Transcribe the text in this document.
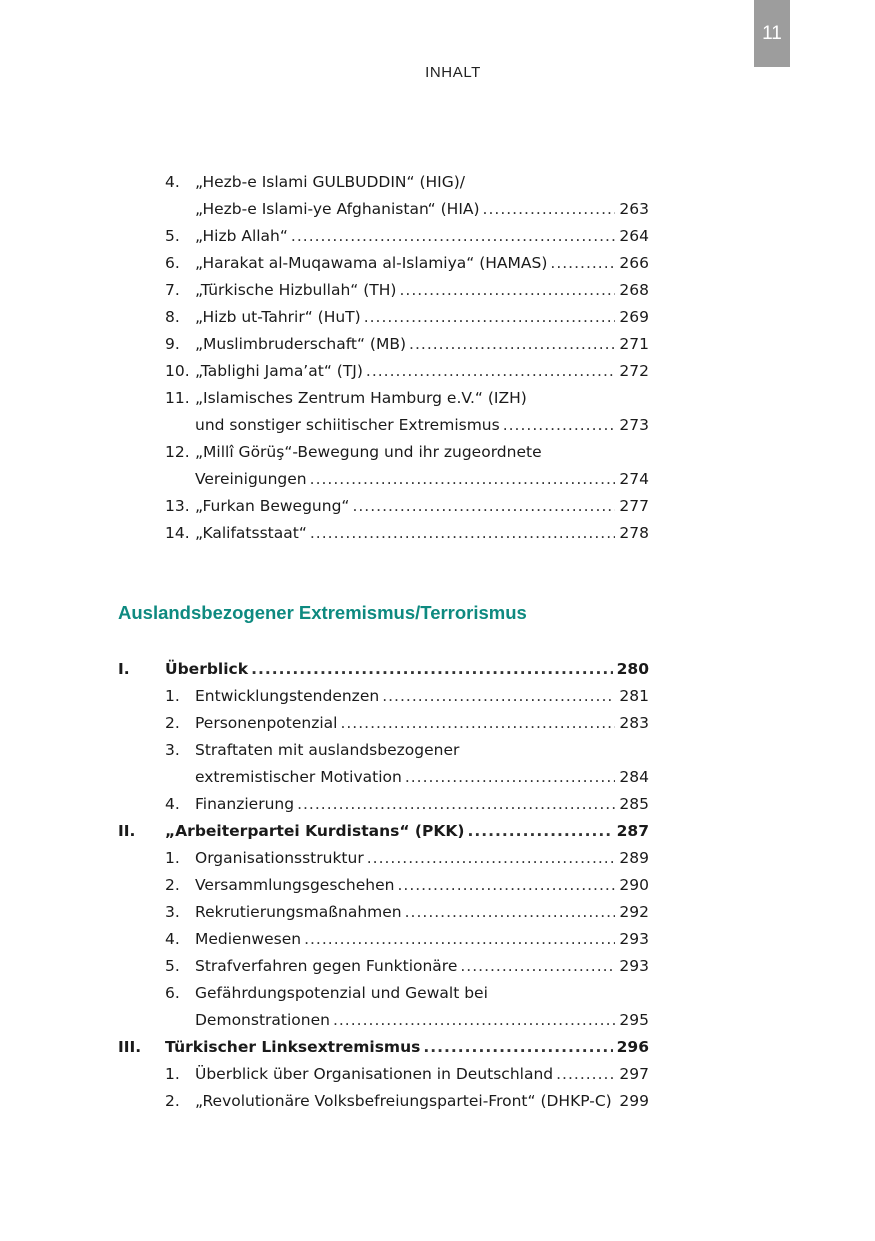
11
INHALT
4. „Hezb-e Islami GULBUDDIN“ (HIG)/
„Hezb-e Islami-ye Afghanistan“ (HIA) .....	263
5. „Hizb Allah“ .....	264
6. „Harakat al-Muqawama al-Islamiya“ (HAMAS) .....	266
7. „Türkische Hizbullah“ (TH) .....	268
8. „Hizb ut-Tahrir“ (HuT) .....	269
9. „Muslimbruderschaft“ (MB) .....	271
10. „Tablighi Jama’at“ (TJ) .....	272
11. „Islamisches Zentrum Hamburg e.V.“ (IZH)
und sonstiger schiitischer Extremismus .....	273
12. „Millî Görüş“-Bewegung und ihr zugeordnete
Vereinigungen .....	274
13. „Furkan Bewegung“ .....	277
14. „Kalifatsstaat“ .....	278
Auslandsbezogener Extremismus/Terrorismus
I. Überblick .....	280
1. Entwicklungstendenzen .....	281
2. Personenpotenzial .....	283
3. Straftaten mit auslandsbezogener
extremistischer Motivation .....	284
4. Finanzierung .....	285
II. „Arbeiterpartei Kurdistans“ (PKK) .....	287
1. Organisationsstruktur .....	289
2. Versammlungsgeschehen .....	290
3. Rekrutierungsmaßnahmen .....	292
4. Medienwesen .....	293
5. Strafverfahren gegen Funktionäre .....	293
6. Gefährdungspotenzial und Gewalt bei
Demonstrationen .....	295
III. Türkischer Linksextremismus .....	296
1. Überblick über Organisationen in Deutschland .....	297
2. „Revolutionäre Volksbefreiungspartei-Front“ (DHKP-C) ..... 299
